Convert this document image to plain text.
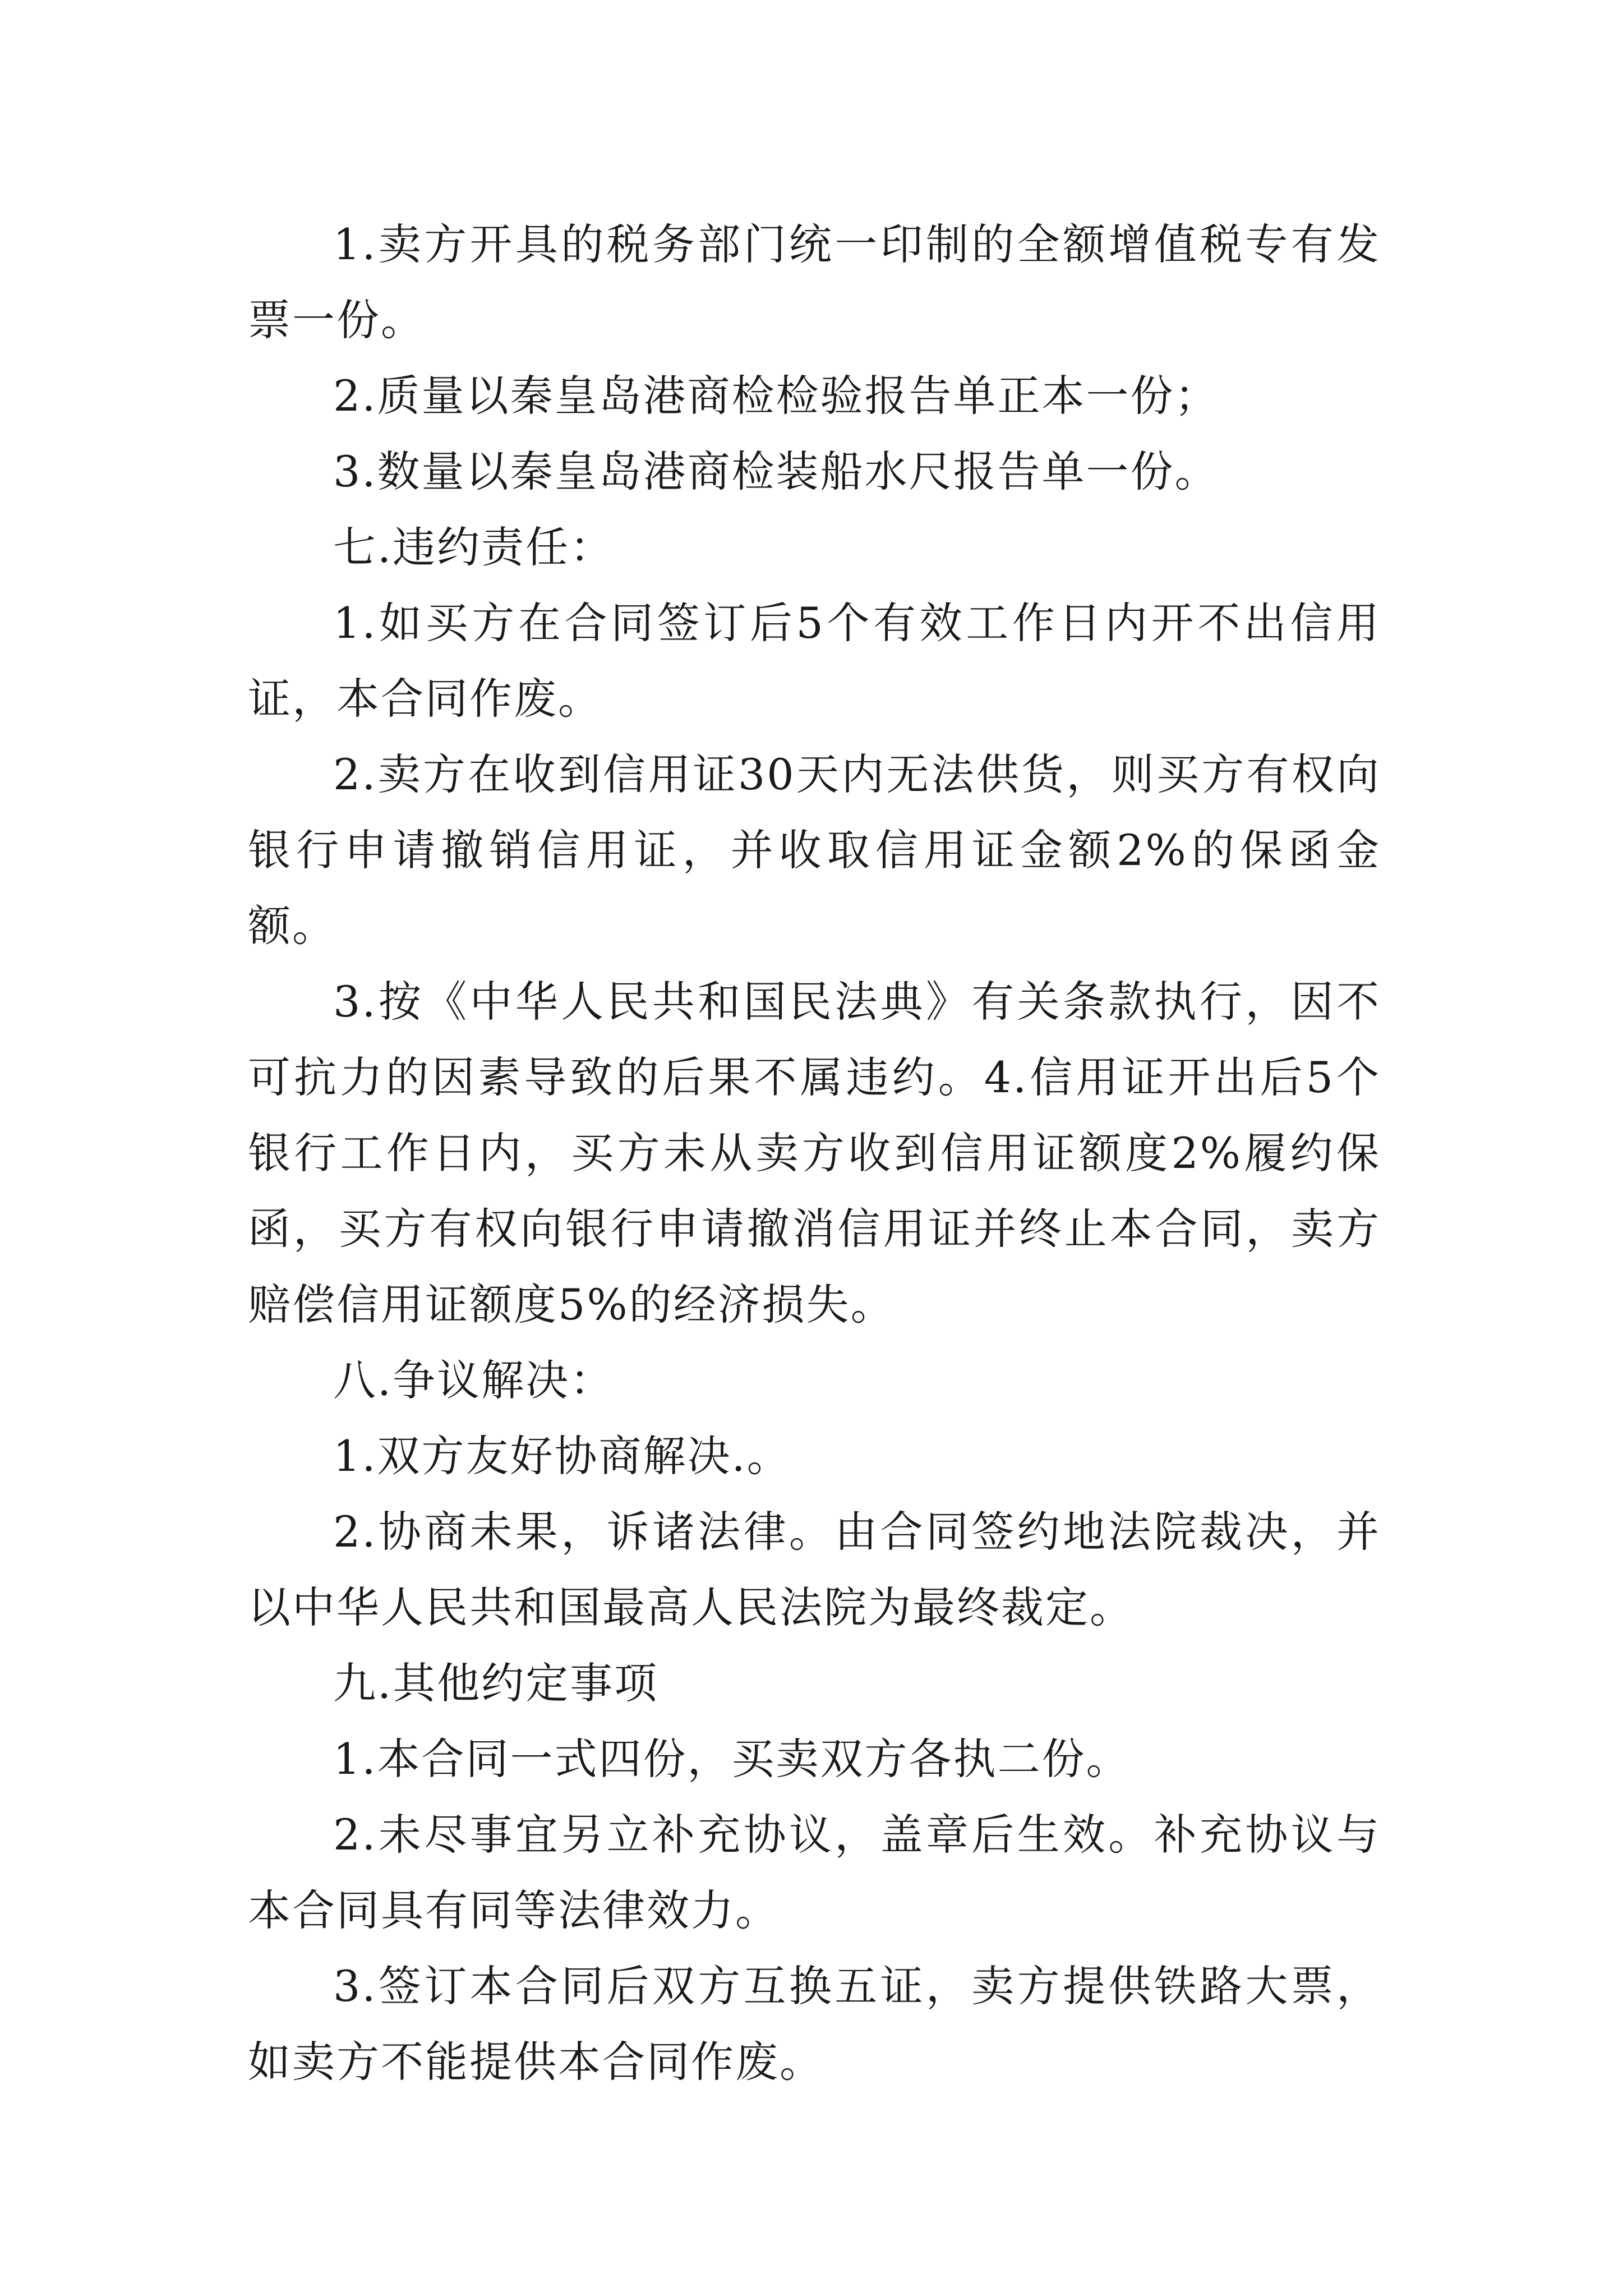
1.卖方开具的税务部门统一印制的全额增值税专有发票一份。

2.质量以秦皇岛港商检检验报告单正本一份；

3.数量以秦皇岛港商检装船水尺报告单一份。

七.违约责任：

1.如买方在合同签订后5个有效工作日内开不出信用证，本合同作废。

2.卖方在收到信用证30天内无法供货，则买方有权向银行申请撤销信用证，并收取信用证金额2%的保函金额。

3.按《中华人民共和国民法典》有关条款执行，因不可抗力的因素导致的后果不属违约。4.信用证开出后5个银行工作日内，买方未从卖方收到信用证额度2%履约保函，买方有权向银行申请撤消信用证并终止本合同，卖方赔偿信用证额度5%的经济损失。

八.争议解决：

1.双方友好协商解决.。

2.协商未果，诉诸法律。由合同签约地法院裁决，并以中华人民共和国最高人民法院为最终裁定。

九.其他约定事项

1.本合同一式四份，买卖双方各执二份。

2.未尽事宜另立补充协议，盖章后生效。补充协议与本合同具有同等法律效力。

3.签订本合同后双方互换五证，卖方提供铁路大票，如卖方不能提供本合同作废。
